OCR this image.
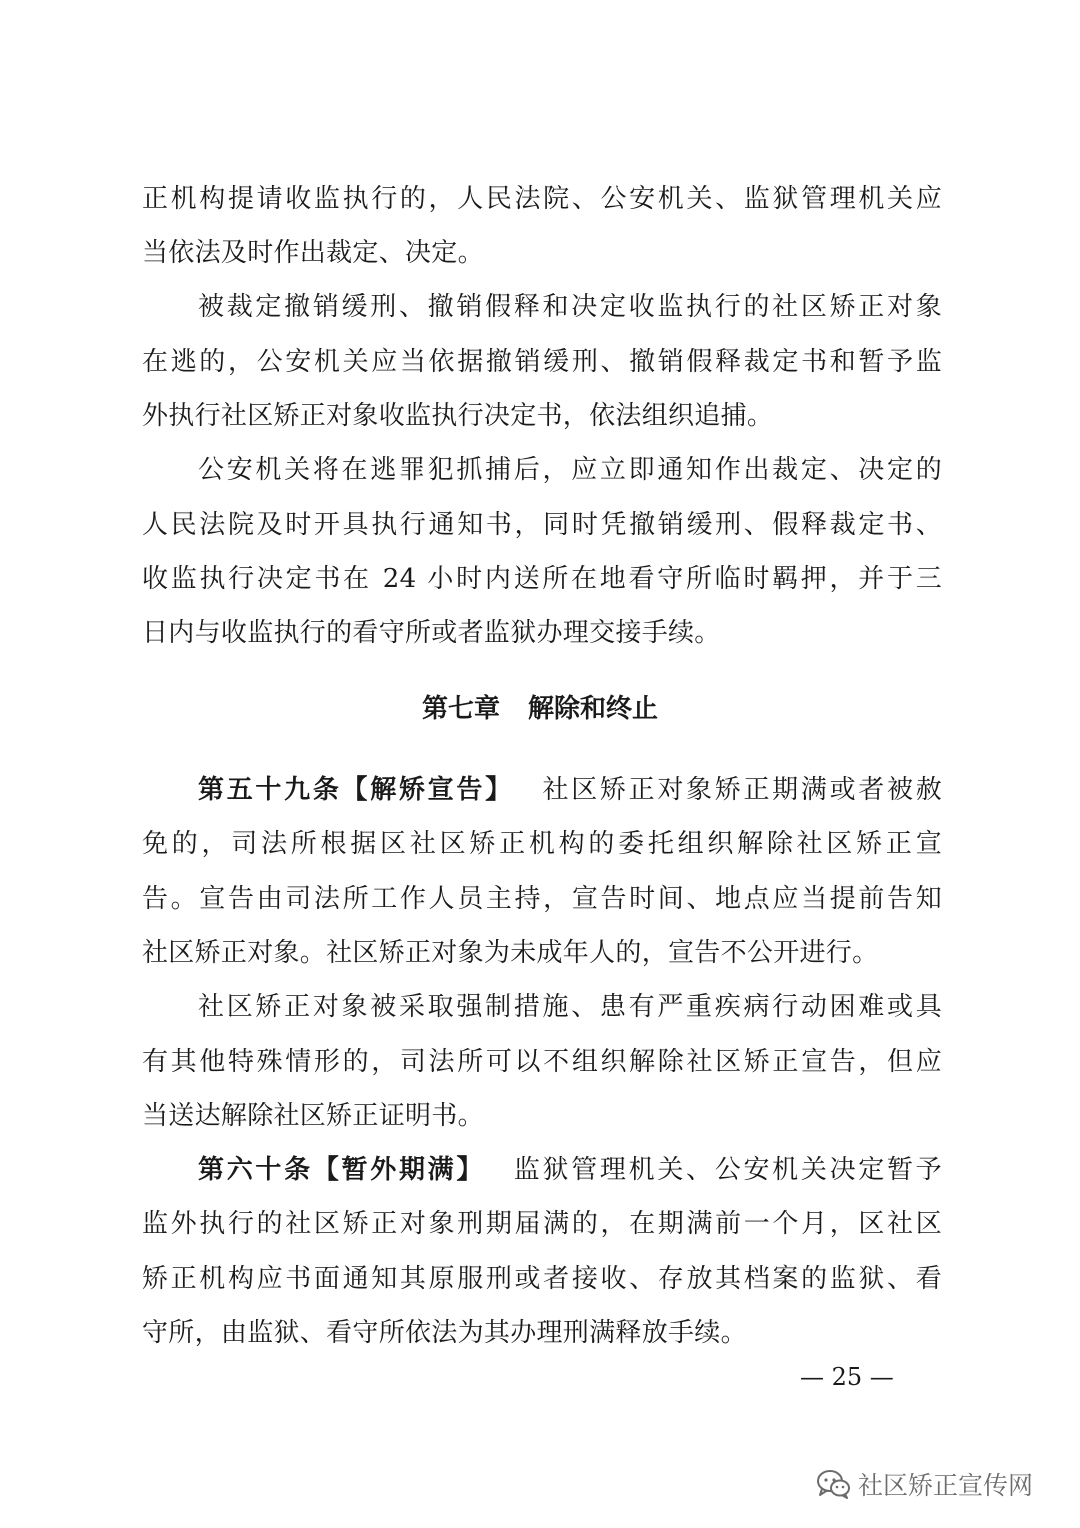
正机构提请收监执行的，人民法院、公安机关、监狱管理机关应
当依法及时作出裁定、决定。
被裁定撤销缓刑、撤销假释和决定收监执行的社区矫正对象
在逃的，公安机关应当依据撤销缓刑、撤销假释裁定书和暂予监
外执行社区矫正对象收监执行决定书，依法组织追捕。
公安机关将在逃罪犯抓捕后，应立即通知作出裁定、决定的
人民法院及时开具执行通知书，同时凭撤销缓刑、假释裁定书、
收监执行决定书在 24 小时内送所在地看守所临时羁押，并于三
日内与收监执行的看守所或者监狱办理交接手续。
第七章 解除和终止
第五十九条【解矫宣告】  社区矫正对象矫正期满或者被赦
免的，司法所根据区社区矫正机构的委托组织解除社区矫正宣
告。宣告由司法所工作人员主持，宣告时间、地点应当提前告知
社区矫正对象。社区矫正对象为未成年人的，宣告不公开进行。
社区矫正对象被采取强制措施、患有严重疾病行动困难或具
有其他特殊情形的，司法所可以不组织解除社区矫正宣告，但应
当送达解除社区矫正证明书。
第六十条【暂外期满】  监狱管理机关、公安机关决定暂予
监外执行的社区矫正对象刑期届满的，在期满前一个月，区社区
矫正机构应书面通知其原服刑或者接收、存放其档案的监狱、看
守所，由监狱、看守所依法为其办理刑满释放手续。
— 25 —
社区矫正宣传网
